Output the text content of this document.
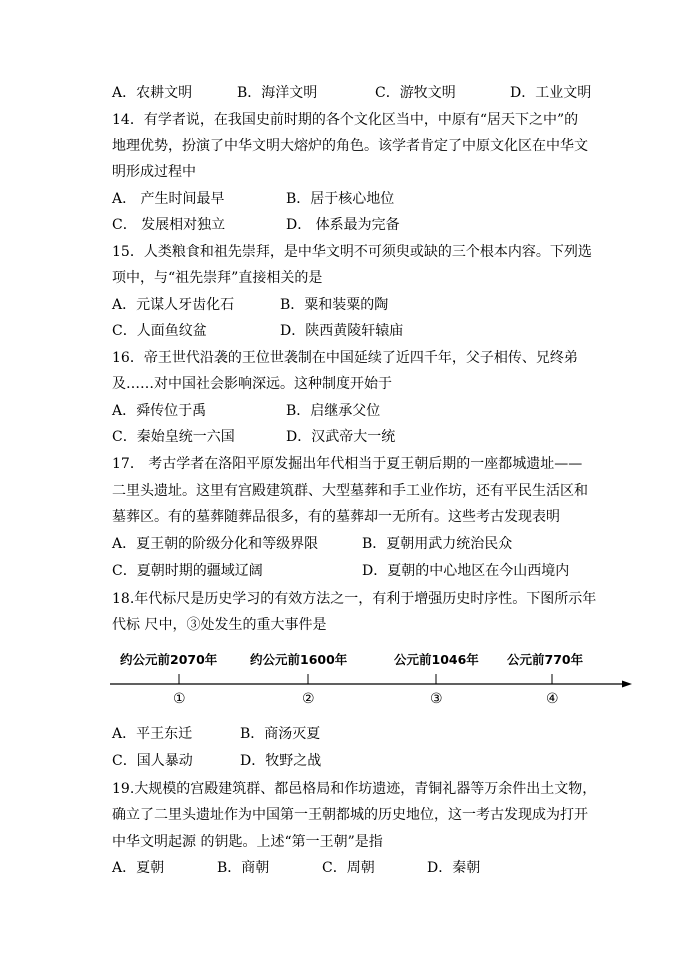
A．农耕文明	B．海洋文明	C．游牧文明	D．工业文明
14．有学者说，在我国史前时期的各个文化区当中，中原有“居天下之中”的
地理优势，扮演了中华文明大熔炉的角色。该学者肯定了中原文化区在中华文
明形成过程中
A． 产生时间最早	B．居于核心地位
C． 发展相对独立	D． 体系最为完备
15．人类粮食和祖先崇拜，是中华文明不可须臾或缺的三个根本内容。下列选
项中，与“祖先崇拜”直接相关的是
A．元谋人牙齿化石	B．粟和装粟的陶
C．人面鱼纹盆	D．陕西黄陵轩辕庙
16．帝王世代沿袭的王位世袭制在中国延续了近四千年，父子相传、兄终弟
及……对中国社会影响深远。这种制度开始于
A．舜传位于禹	B．启继承父位
C．秦始皇统一六国	D．汉武帝大一统
17． 考古学者在洛阳平原发掘出年代相当于夏王朝后期的一座都城遗址——
二里头遗址。这里有宫殿建筑群、大型墓葬和手工业作坊，还有平民生活区和
墓葬区。有的墓葬随葬品很多，有的墓葬却一无所有。这些考古发现表明
A．夏王朝的阶级分化和等级界限	B．夏朝用武力统治民众
C．夏朝时期的疆域辽阔	D．夏朝的中心地区在今山西境内
18.年代标尺是历史学习的有效方法之一，有利于增强历史时序性。下图所示年
代标 尺中，③处发生的重大事件是
约公元前2070年	约公元前1600年	公元前1046年 公元前770年
①	②	③	④
A．平王东迁	B．商汤灭夏
C．国人暴动	D．牧野之战
19.大规模的宫殿建筑群、都邑格局和作坊遗迹，青铜礼器等万余件出土文物，
确立了二里头遗址作为中国第一王朝都城的历史地位，这一考古发现成为打开
中华文明起源 的钥匙。上述“第一王朝”是指
A．夏朝	B．商朝	C．周朝	D．秦朝
